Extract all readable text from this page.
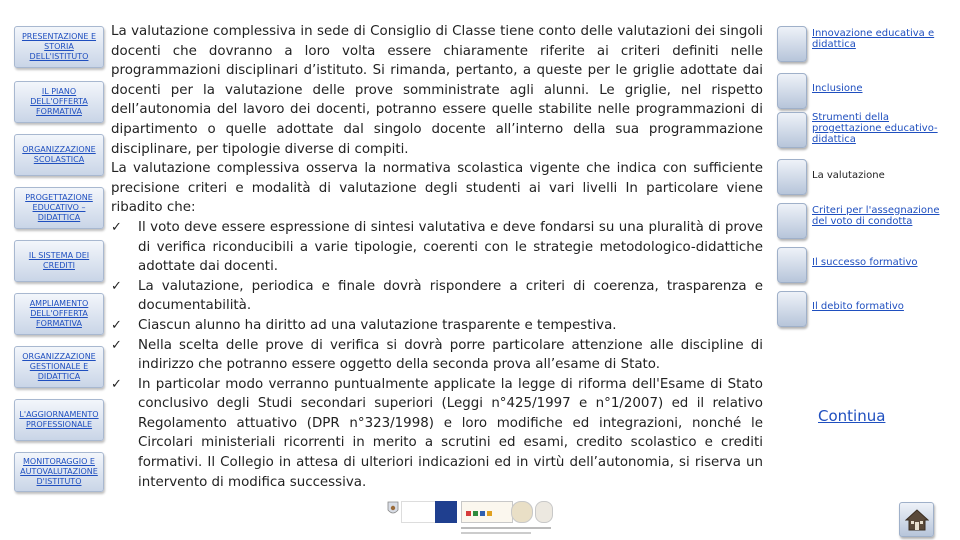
PRESENTAZIONE E STORIA DELL'ISTITUTO
IL PIANO DELL'OFFERTA FORMATIVA
ORGANIZZAZIONE SCOLASTICA
PROGETTAZIONE EDUCATIVO – DIDATTICA
IL SISTEMA DEI CREDITI
AMPLIAMENTO DELL'OFFERTA FORMATIVA
ORGANIZZAZIONE GESTIONALE E DIDATTICA
L'AGGIORNAMENTO PROFESSIONALE
MONITORAGGIO E AUTOVALUTAZIONE D'ISTITUTO

La valutazione complessiva in sede di Consiglio di Classe tiene conto delle valutazioni dei singoli docenti che dovranno a loro volta essere chiaramente riferite ai criteri definiti nelle programmazioni disciplinari d’istituto. Si rimanda, pertanto, a queste per le griglie adottate dai docenti per la valutazione delle prove somministrate agli alunni. Le griglie, nel rispetto dell’autonomia del lavoro dei docenti, potranno essere quelle stabilite nelle programmazioni di dipartimento o quelle adottate dal singolo docente all’interno della sua programmazione disciplinare, per tipologie diverse di compiti.

La valutazione complessiva osserva la normativa scolastica vigente che indica con sufficiente precisione criteri e modalità di valutazione degli studenti ai vari livelli In particolare viene ribadito che:

✓ Il voto deve essere espressione di sintesi valutativa e deve fondarsi su una pluralità di prove di verifica riconducibili a varie tipologie, coerenti con le strategie metodologico-didattiche adottate dai docenti.
✓ La valutazione, periodica e finale dovrà rispondere a criteri di coerenza, trasparenza e documentabilità.
✓ Ciascun alunno ha diritto ad una valutazione trasparente e tempestiva.
✓ Nella scelta delle prove di verifica si dovrà porre particolare attenzione alle discipline di indirizzo che potranno essere oggetto della seconda prova all’esame di Stato.
✓ In particolar modo verranno puntualmente applicate la legge di riforma dell'Esame di Stato conclusivo degli Studi secondari superiori (Leggi n°425/1997 e n°1/2007) ed il relativo Regolamento attuativo (DPR n°323/1998) e loro modifiche ed integrazioni, nonché le Circolari ministeriali ricorrenti in merito a scrutini ed esami, credito scolastico e crediti formativi. Il Collegio in attesa di ulteriori indicazioni ed in virtù dell’autonomia, si riserva un intervento di modifica successiva.
Innovazione educativa e didattica
Inclusione
Strumenti della progettazione educativo-didattica
La valutazione
Criteri per l'assegnazione del voto di condotta
Il successo formativo
Il debito formativo
Continua
